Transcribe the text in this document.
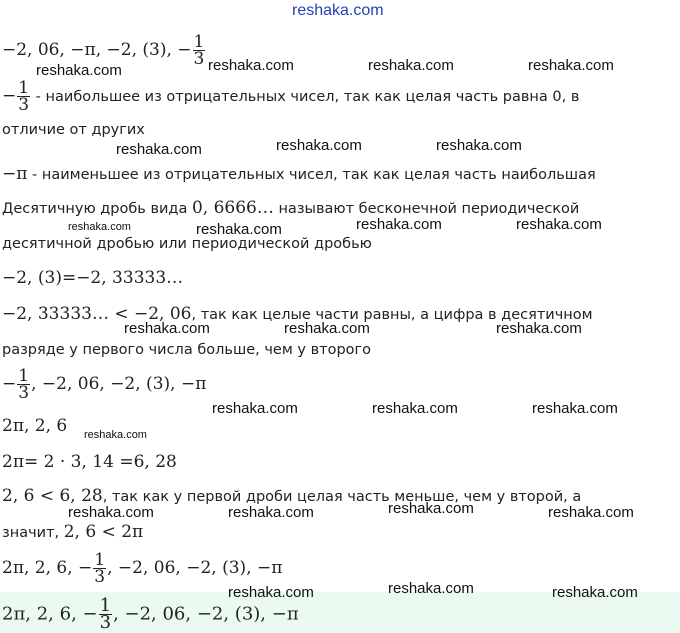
reshaka.com
−2, 06, −π, −2, (3), − $\frac{1}{3}$
− $\frac{1}{3}$ - наибольшее из отрицательных чисел, так как целая часть равна 0, в
отличие от других
−π - наименьшее из отрицательных чисел, так как целая часть наибольшая
Десятичную дробь вида 0, 6666… называют бесконечной периодической
десятичной дробью или периодической дробью
−2, (3)=−2, 33333…
−2, 33333… < −2, 06, так как целые части равны, а цифра в десятичном
разряде у первого числа больше, чем у второго
− $\frac{1}{3}$ , −2, 06, −2, (3), −π
2π, 2, 6
2π= 2 · 3, 14 =6, 28
2, 6 < 6, 28, так как у первой дроби целая часть меньше, чем у второй, а
значит, 2, 6 < 2π
2π, 2, 6, − $\frac{1}{3}$ , −2, 06, −2, (3), −π
2π, 2, 6, − $\frac{1}{3}$ , −2, 06, −2, (3), −π
reshaka.com	reshaka.com	reshaka.com	reshaka.com
reshaka.com	reshaka.com	reshaka.com
reshaka.com	reshaka.com	reshaka.com	reshaka.com
reshaka.com	reshaka.com	reshaka.com
reshaka.com	reshaka.com	reshaka.com
reshaka.com
reshaka.com	reshaka.com	reshaka.com	reshaka.com
reshaka.com	reshaka.com	reshaka.com
